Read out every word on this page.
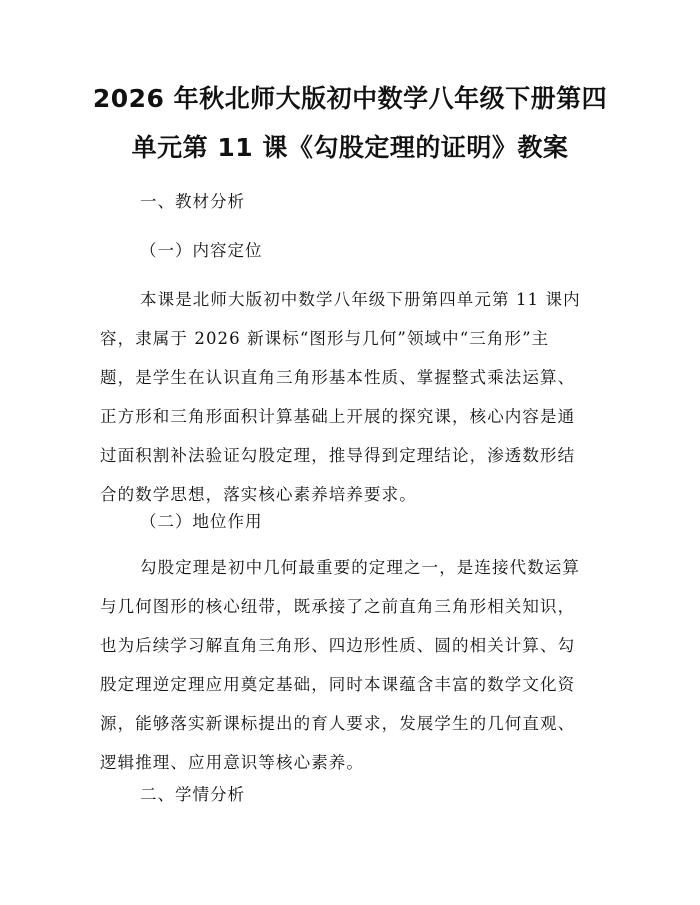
2026 年秋北师大版初中数学八年级下册第四
单元第 11 课《勾股定理的证明》教案

一、教材分析

（一）内容定位

本课是北师大版初中数学八年级下册第四单元第 11 课内
容，隶属于 2026 新课标“图形与几何”领域中“三角形”主
题，是学生在认识直角三角形基本性质、掌握整式乘法运算、
正方形和三角形面积计算基础上开展的探究课，核心内容是通
过面积割补法验证勾股定理，推导得到定理结论，渗透数形结
合的数学思想，落实核心素养培养要求。

（二）地位作用

勾股定理是初中几何最重要的定理之一，是连接代数运算
与几何图形的核心纽带，既承接了之前直角三角形相关知识，
也为后续学习解直角三角形、四边形性质、圆的相关计算、勾
股定理逆定理应用奠定基础，同时本课蕴含丰富的数学文化资
源，能够落实新课标提出的育人要求，发展学生的几何直观、
逻辑推理、应用意识等核心素养。

二、学情分析
